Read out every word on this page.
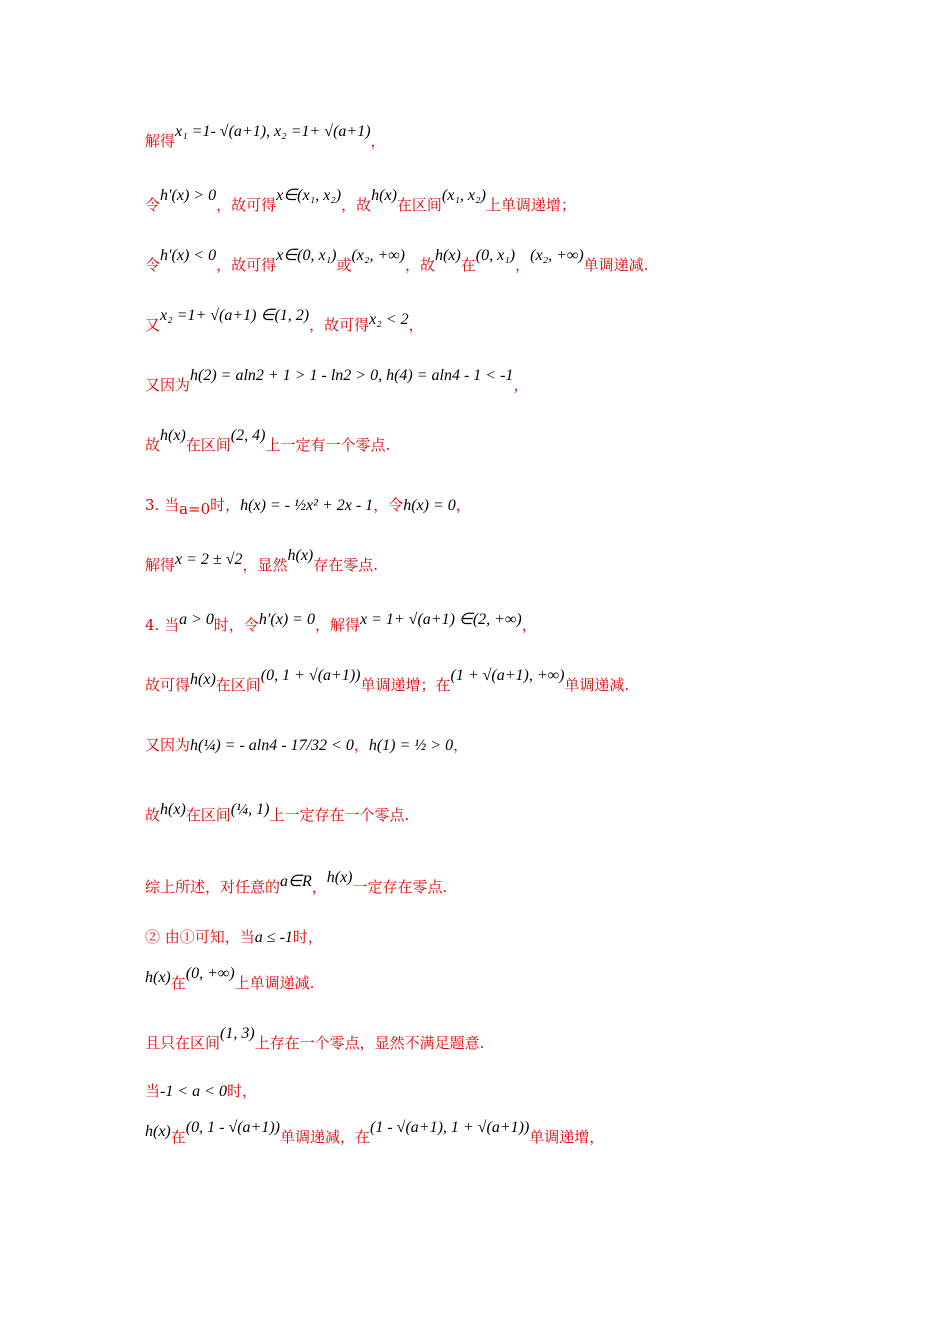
解得x₁ =1- √(a+1), x₂ =1+ √(a+1)，
令h′(x) > 0，故可得x∈(x₁, x₂)，故h(x)在区间(x₁, x₂)上单调递增；
令h′(x) < 0，故可得x∈(0, x₁)或(x₂, +∞)，故h(x)在(0, x₁)，(x₂, +∞)单调递减.
又x₂ =1+ √(a+1) ∈(1, 2)，故可得x₂ < 2，
又因为h(2) = aln2 + 1 > 1 - ln2 > 0, h(4) = aln4 - 1 < -1，
故h(x)在区间(2, 4)上一定有一个零点.
3. 当a=0时，h(x) = - ½x² + 2x - 1，令h(x) = 0，
解得x = 2 ± √2，显然h(x)存在零点.
4. 当a > 0时，令h′(x) = 0，解得x = 1+ √(a+1) ∈(2, +∞)，
故可得h(x)在区间(0, 1 + √(a+1))单调递增；在(1 + √(a+1), +∞)单调递减.
又因为h(¼) = - aln4 - 17/32 < 0，h(1) = ½ > 0，
故h(x)在区间(¼, 1)上一定存在一个零点.
综上所述，对任意的a∈R，h(x)一定存在零点.
② 由①可知，当a ≤ -1时，
h(x)在(0, +∞)上单调递减.
且只在区间(1, 3)上存在一个零点，显然不满足题意.
当-1 < a < 0时，
h(x)在(0, 1 - √(a+1))单调递减，在(1 - √(a+1), 1 + √(a+1))单调递增，
